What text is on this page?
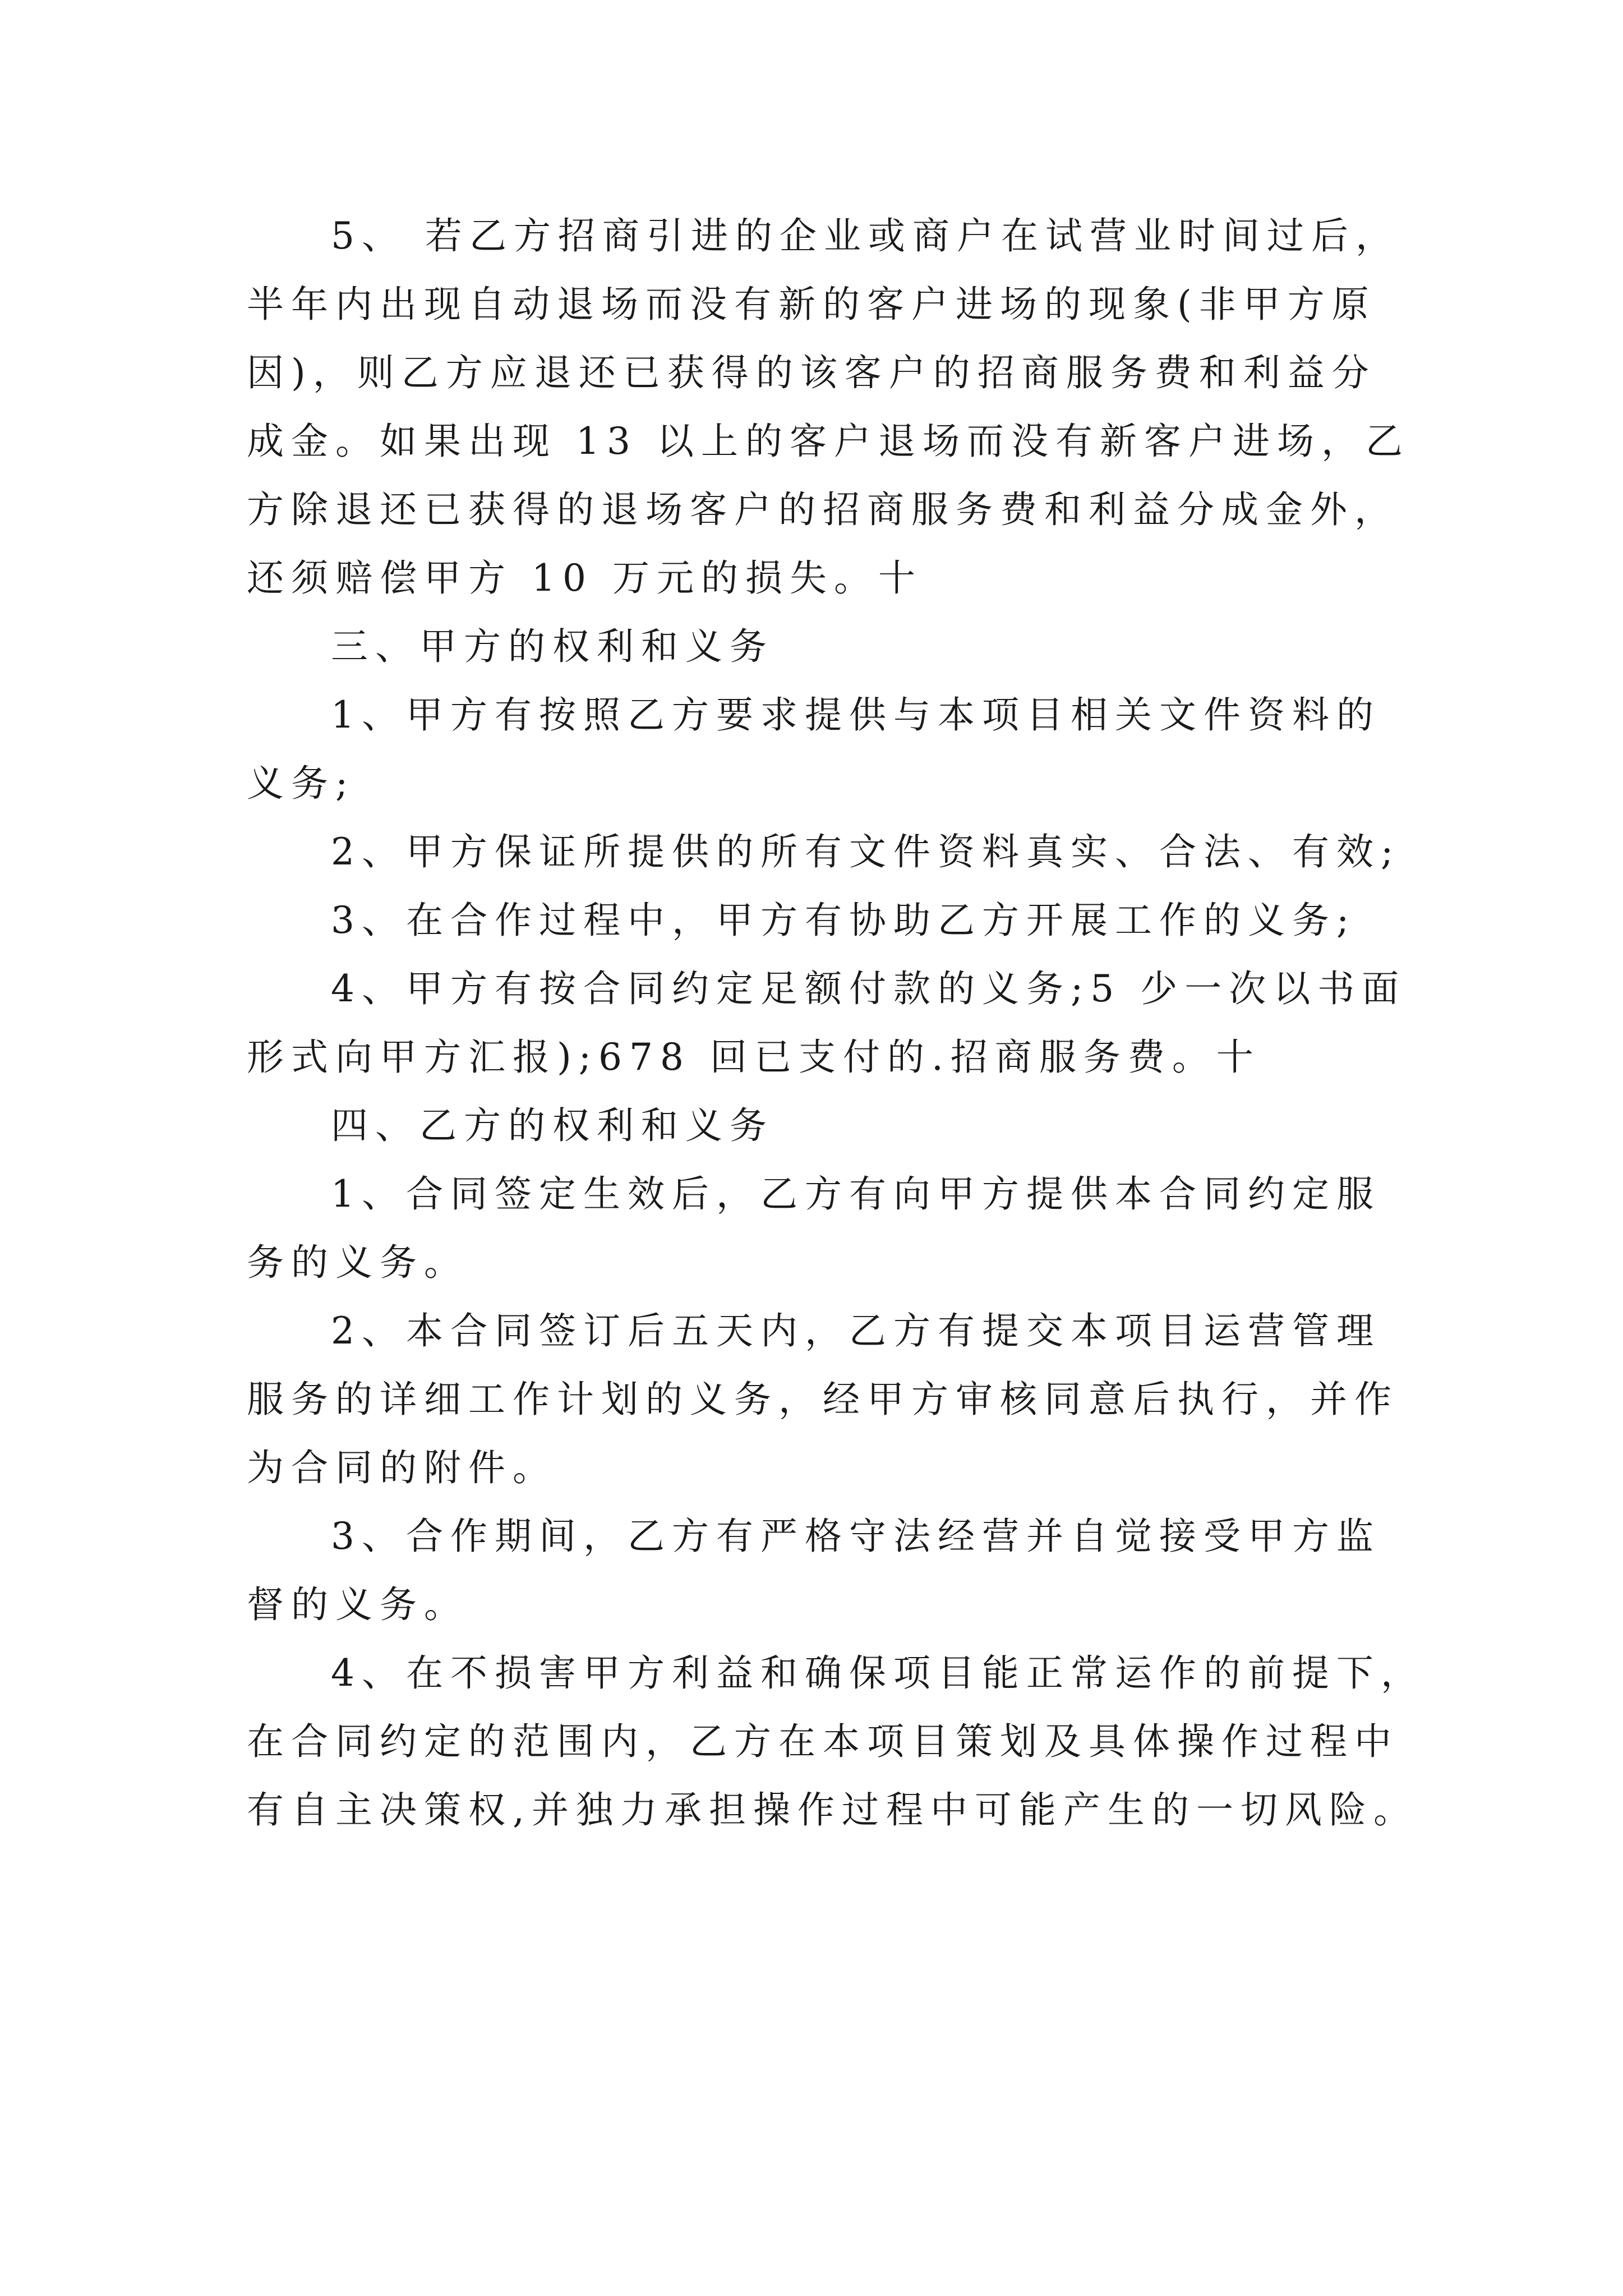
5、 若乙方招商引进的企业或商户在试营业时间过后，
半年内出现自动退场而没有新的客户进场的现象(非甲方原
因)，则乙方应退还已获得的该客户的招商服务费和利益分
成金。如果出现 13 以上的客户退场而没有新客户进场，乙
方除退还已获得的退场客户的招商服务费和利益分成金外，
还须赔偿甲方 10 万元的损失。十
三、甲方的权利和义务
1、甲方有按照乙方要求提供与本项目相关文件资料的
义务;
2、甲方保证所提供的所有文件资料真实、合法、有效;
3、在合作过程中，甲方有协助乙方开展工作的义务;
4、甲方有按合同约定足额付款的义务;5 少一次以书面
形式向甲方汇报);678 回已支付的.招商服务费。十
四、乙方的权利和义务
1、合同签定生效后，乙方有向甲方提供本合同约定服
务的义务。
2、本合同签订后五天内，乙方有提交本项目运营管理
服务的详细工作计划的义务，经甲方审核同意后执行，并作
为合同的附件。
3、合作期间，乙方有严格守法经营并自觉接受甲方监
督的义务。
4、在不损害甲方利益和确保项目能正常运作的前提下，
在合同约定的范围内，乙方在本项目策划及具体操作过程中
有自主决策权,并独力承担操作过程中可能产生的一切风险。
